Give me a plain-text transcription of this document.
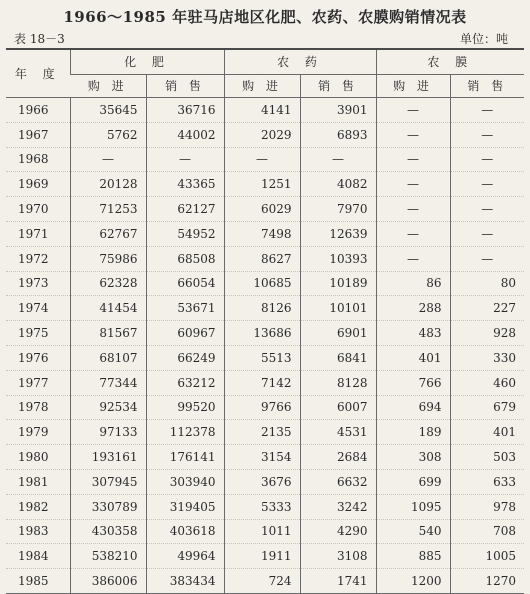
1966～1985 年驻马店地区化肥、农药、农膜购销情况表
表 18－3	单位：吨
年 度	化 肥		农 药		农 膜	
	购 进	销 售	购 进	销 售	购 进	销 售
1966	35645	36716	4141	3901	—	—
1967	5762	44002	2029	6893	—	—
1968	—	—	—	—	—	—
1969	20128	43365	1251	4082	—	—
1970	71253	62127	6029	7970	—	—
1971	62767	54952	7498	12639	—	—
1972	75986	68508	8627	10393	—	—
1973	62328	66054	10685	10189	86	80
1974	41454	53671	8126	10101	288	227
1975	81567	60967	13686	6901	483	928
1976	68107	66249	5513	6841	401	330
1977	77344	63212	7142	8128	766	460
1978	92534	99520	9766	6007	694	679
1979	97133	112378	2135	4531	189	401
1980	193161	176141	3154	2684	308	503
1981	307945	303940	3676	6632	699	633
1982	330789	319405	5333	3242	1095	978
1983	430358	403618	1011	4290	540	708
1984	538210	49964	1911	3108	885	1005
1985	386006	383434	724	1741	1200	1270
